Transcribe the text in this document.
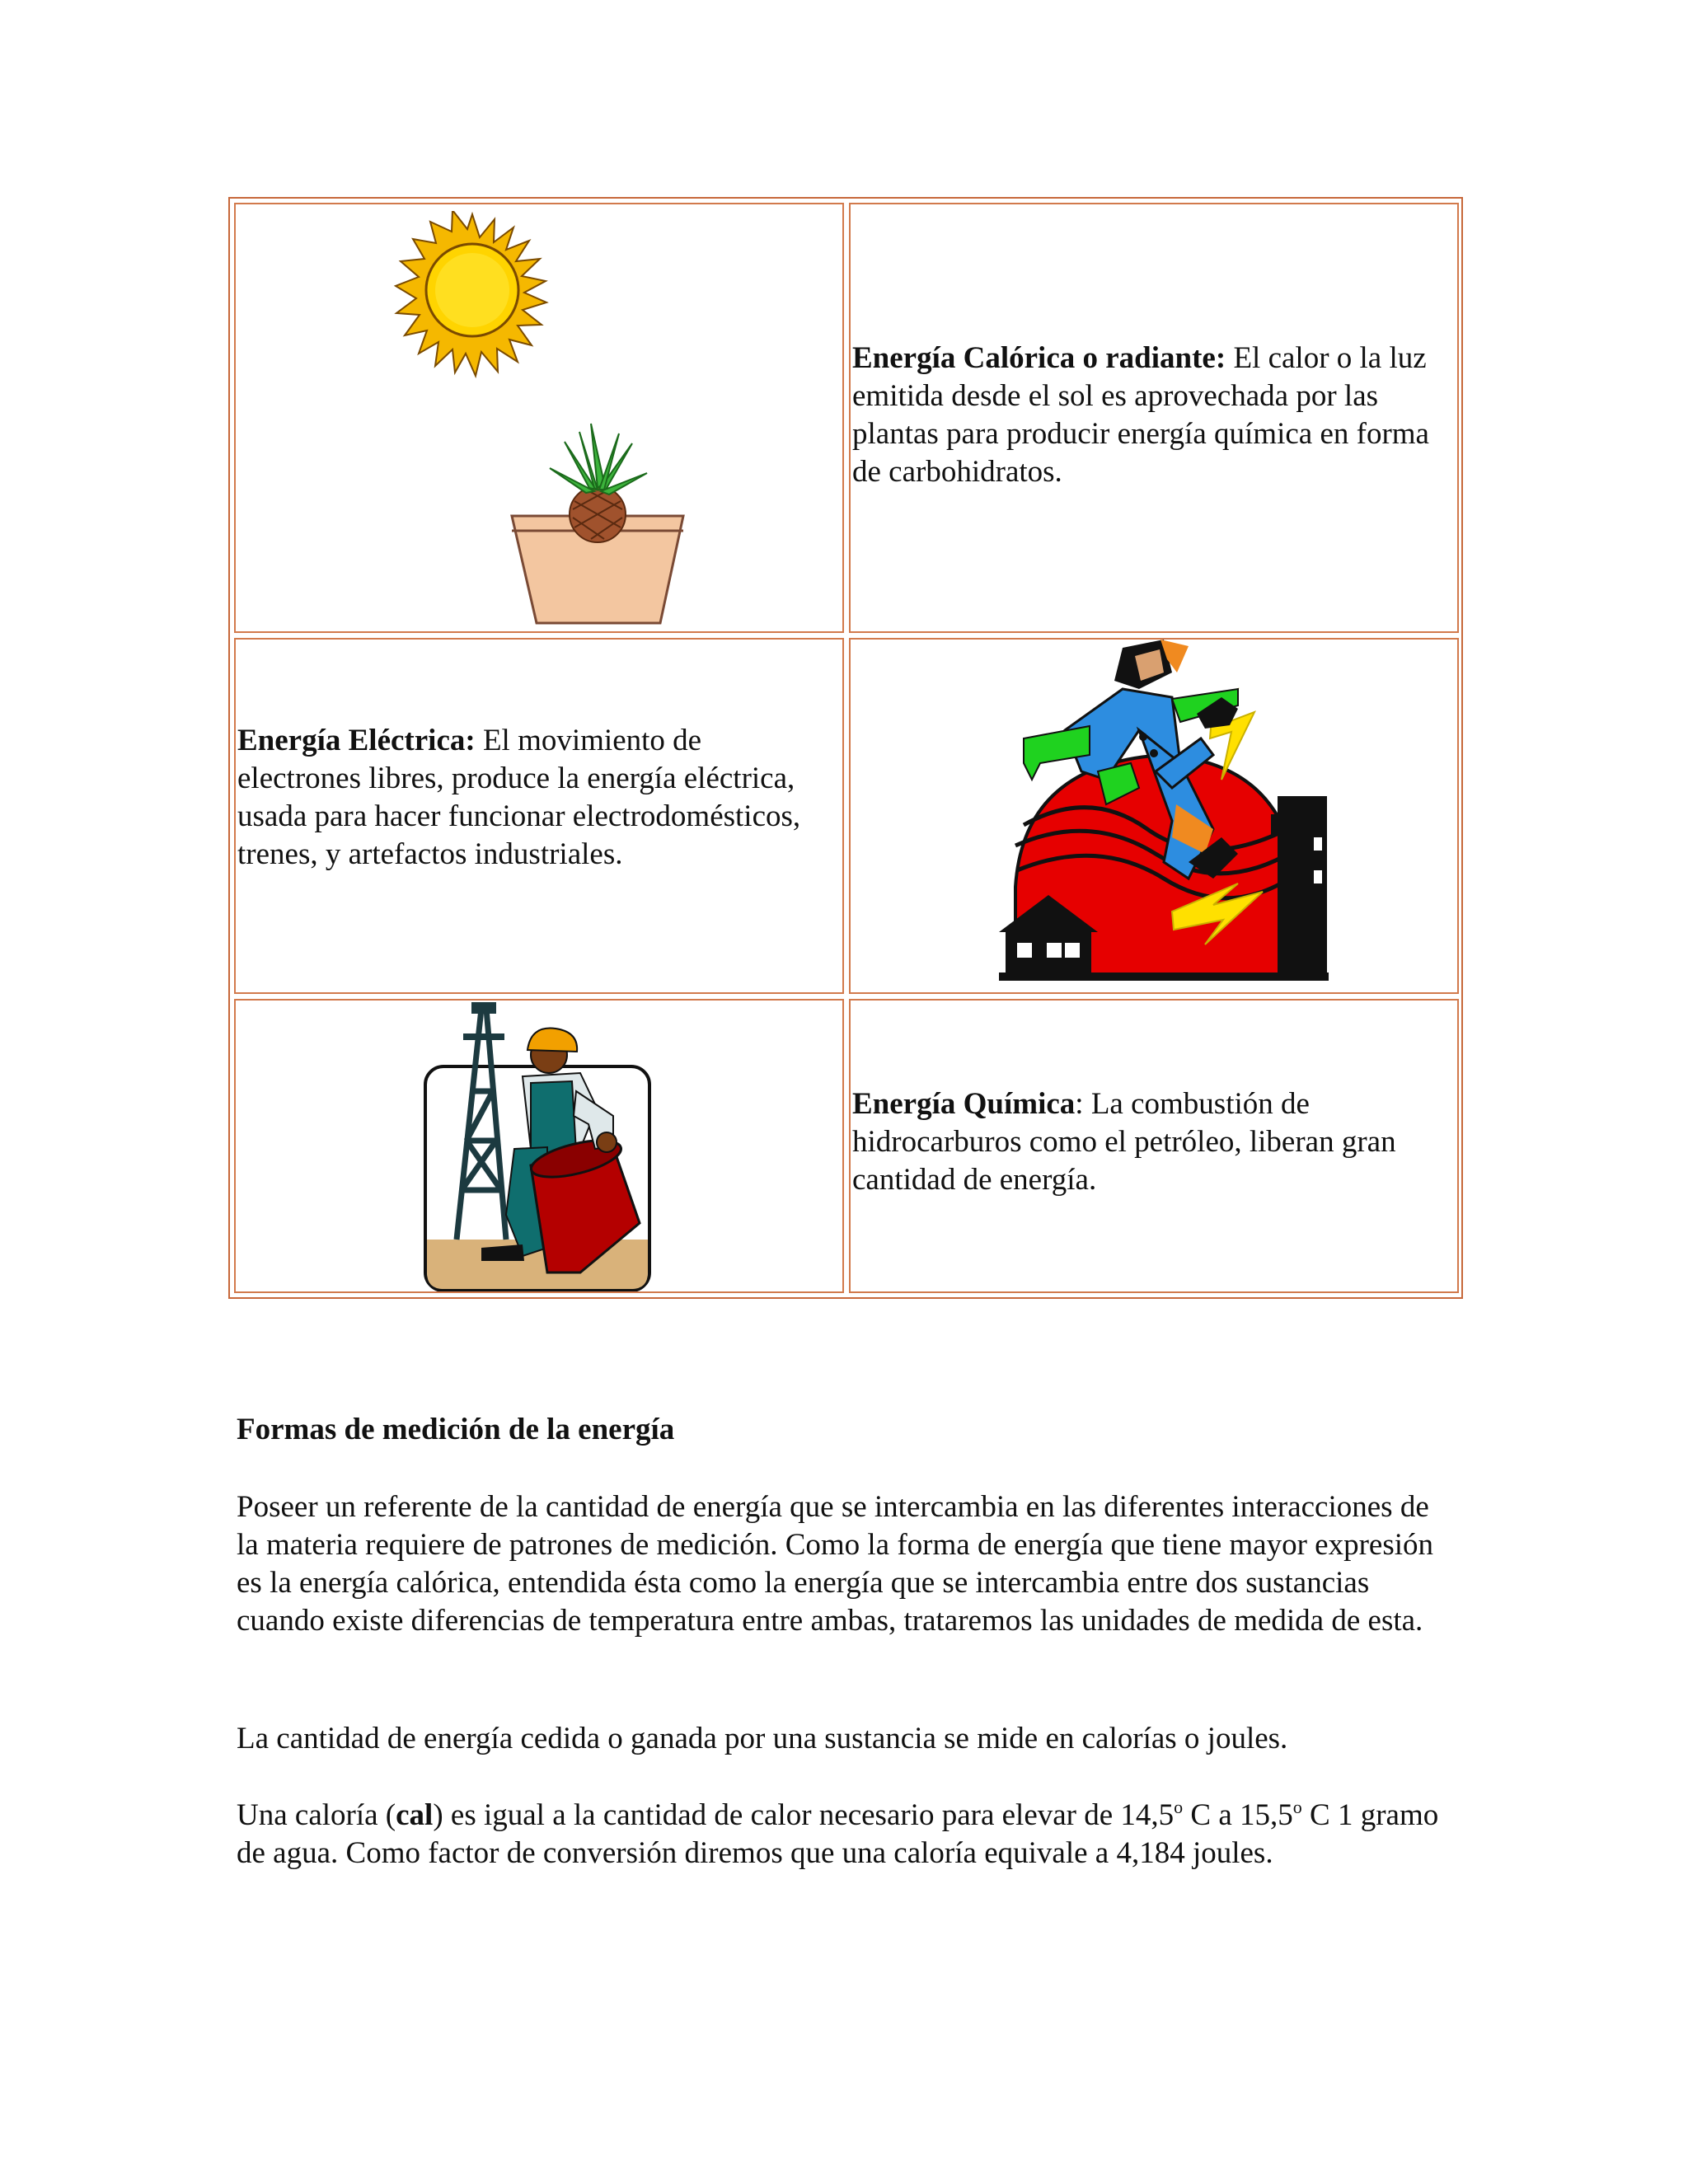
Energía Calórica o radiante: El calor o la luz emitida desde el sol es aprovechada por las plantas para producir energía química en forma de carbohidratos.
Energía Eléctrica: El movimiento de electrones libres, produce la energía eléctrica, usada para hacer funcionar electrodomésticos, trenes, y artefactos industriales.
Energía Química: La combustión de hidrocarburos como el petróleo, liberan gran cantidad de energía.
Formas de medición de la energía
Poseer un referente de la cantidad de energía que se intercambia en las diferentes interacciones de la materia requiere de patrones de medición. Como la forma de energía que tiene mayor expresión es la energía calórica, entendida ésta como la energía que se intercambia entre dos sustancias cuando existe diferencias de temperatura entre ambas, trataremos las unidades de medida de esta.
La cantidad de energía cedida o ganada por una sustancia se mide en calorías o joules.
Una caloría (cal) es igual a la cantidad de calor necesario para elevar de 14,5$^o$ C a 15,5$^o$ C 1 gramo de agua. Como factor de conversión diremos que una caloría equivale a 4,184 joules.
